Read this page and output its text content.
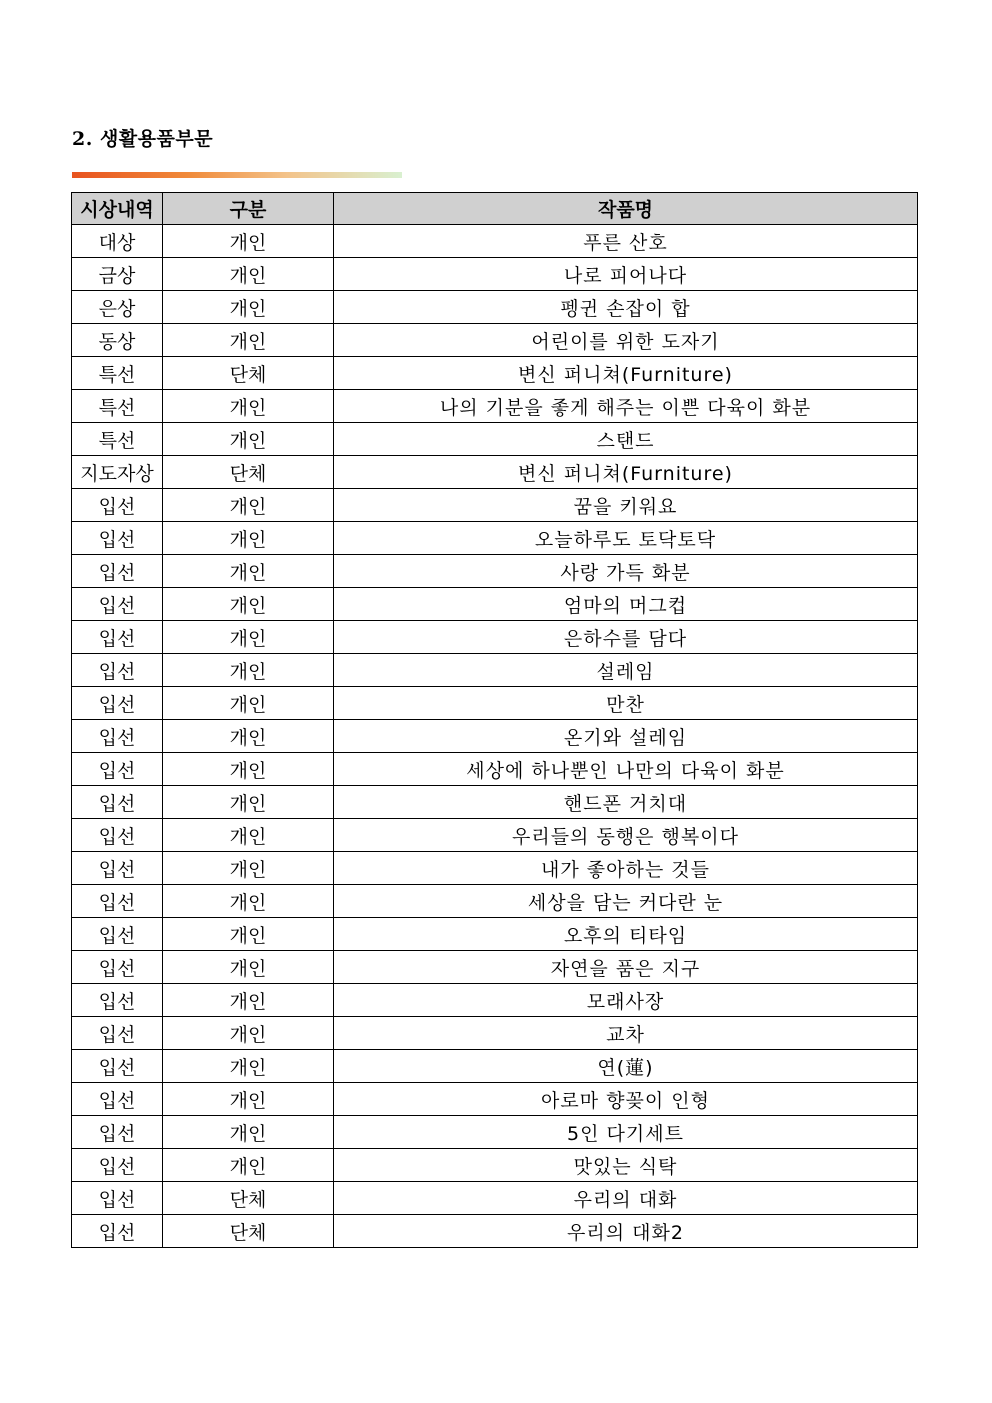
2. 생활용품부문
시상내역	구분	작품명
대상	개인	푸른 산호
금상	개인	나로 피어나다
은상	개인	펭귄 손잡이 합
동상	개인	어린이를 위한 도자기
특선	단체	변신 퍼니쳐(Furniture)
특선	개인	나의 기분을 좋게 해주는 이쁜 다육이 화분
특선	개인	스탠드
지도자상	단체	변신 퍼니쳐(Furniture)
입선	개인	꿈을 키워요
입선	개인	오늘하루도 토닥토닥
입선	개인	사랑 가득 화분
입선	개인	엄마의 머그컵
입선	개인	은하수를 담다
입선	개인	설레임
입선	개인	만찬
입선	개인	온기와 설레임
입선	개인	세상에 하나뿐인 나만의 다육이 화분
입선	개인	핸드폰 거치대
입선	개인	우리들의 동행은 행복이다
입선	개인	내가 좋아하는 것들
입선	개인	세상을 담는 커다란 눈
입선	개인	오후의 티타임
입선	개인	자연을 품은 지구
입선	개인	모래사장
입선	개인	교차
입선	개인	연(蓮)
입선	개인	아로마 향꽂이 인형
입선	개인	5인 다기세트
입선	개인	맛있는 식탁
입선	단체	우리의 대화
입선	단체	우리의 대화2
